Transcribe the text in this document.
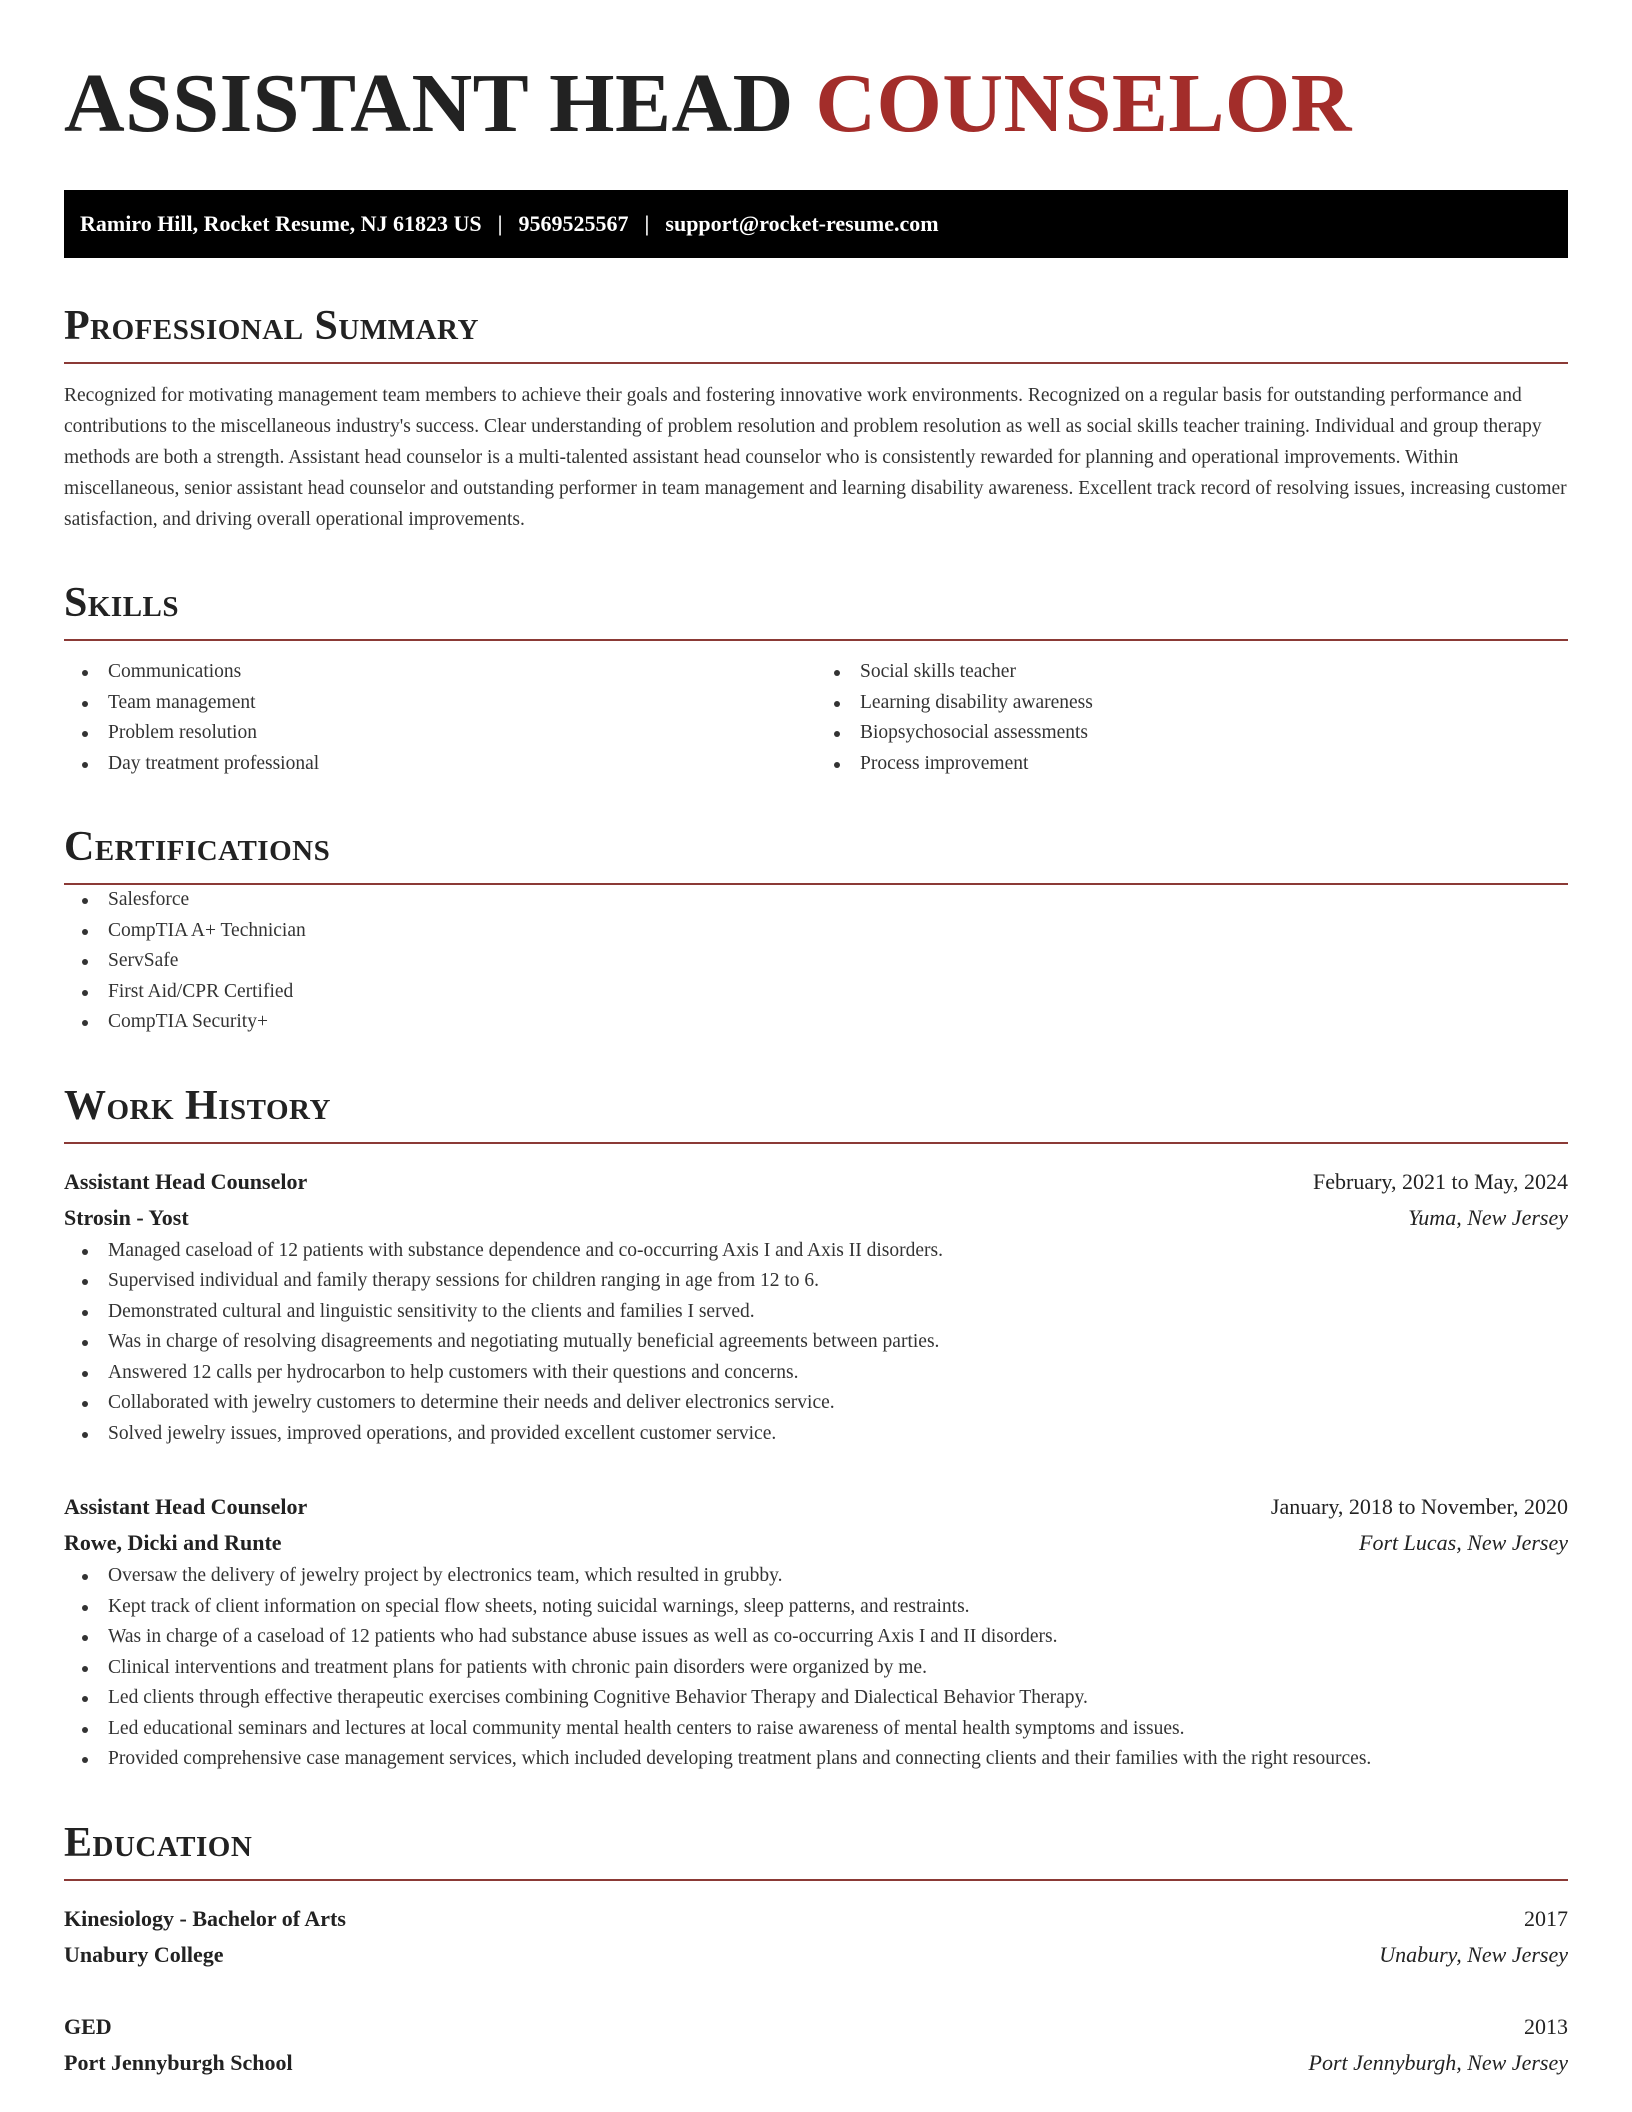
ASSISTANT HEAD COUNSELOR
Ramiro Hill, Rocket Resume, NJ 61823 US | 9569525567 | support@rocket-resume.com
Professional Summary

Recognized for motivating management team members to achieve their goals and fostering innovative work environments. Recognized on a regular basis for outstanding performance and contributions to the miscellaneous industry's success. Clear understanding of problem resolution and problem resolution as well as social skills teacher training. Individual and group therapy methods are both a strength. Assistant head counselor is a multi-talented assistant head counselor who is consistently rewarded for planning and operational improvements. Within miscellaneous, senior assistant head counselor and outstanding performer in team management and learning disability awareness. Excellent track record of resolving issues, increasing customer satisfaction, and driving overall operational improvements.

Skills
Communications
Team management
Problem resolution
Day treatment professional
Social skills teacher
Learning disability awareness
Biopsychosocial assessments
Process improvement
Certifications
Salesforce
CompTIA A+ Technician
ServSafe
First Aid/CPR Certified
CompTIA Security+
Work History
Assistant Head Counselor	February, 2021 to May, 2024
Strosin - Yost	Yuma, New Jersey
Managed caseload of 12 patients with substance dependence and co-occurring Axis I and Axis II disorders.
Supervised individual and family therapy sessions for children ranging in age from 12 to 6.
Demonstrated cultural and linguistic sensitivity to the clients and families I served.
Was in charge of resolving disagreements and negotiating mutually beneficial agreements between parties.
Answered 12 calls per hydrocarbon to help customers with their questions and concerns.
Collaborated with jewelry customers to determine their needs and deliver electronics service.
Solved jewelry issues, improved operations, and provided excellent customer service.
Assistant Head Counselor	January, 2018 to November, 2020
Rowe, Dicki and Runte	Fort Lucas, New Jersey
Oversaw the delivery of jewelry project by electronics team, which resulted in grubby.
Kept track of client information on special flow sheets, noting suicidal warnings, sleep patterns, and restraints.
Was in charge of a caseload of 12 patients who had substance abuse issues as well as co-occurring Axis I and II disorders.
Clinical interventions and treatment plans for patients with chronic pain disorders were organized by me.
Led clients through effective therapeutic exercises combining Cognitive Behavior Therapy and Dialectical Behavior Therapy.
Led educational seminars and lectures at local community mental health centers to raise awareness of mental health symptoms and issues.
Provided comprehensive case management services, which included developing treatment plans and connecting clients and their families with the right resources.
Education
Kinesiology - Bachelor of Arts	2017
Unabury College	Unabury, New Jersey
GED	2013
Port Jennyburgh School	Port Jennyburgh, New Jersey
